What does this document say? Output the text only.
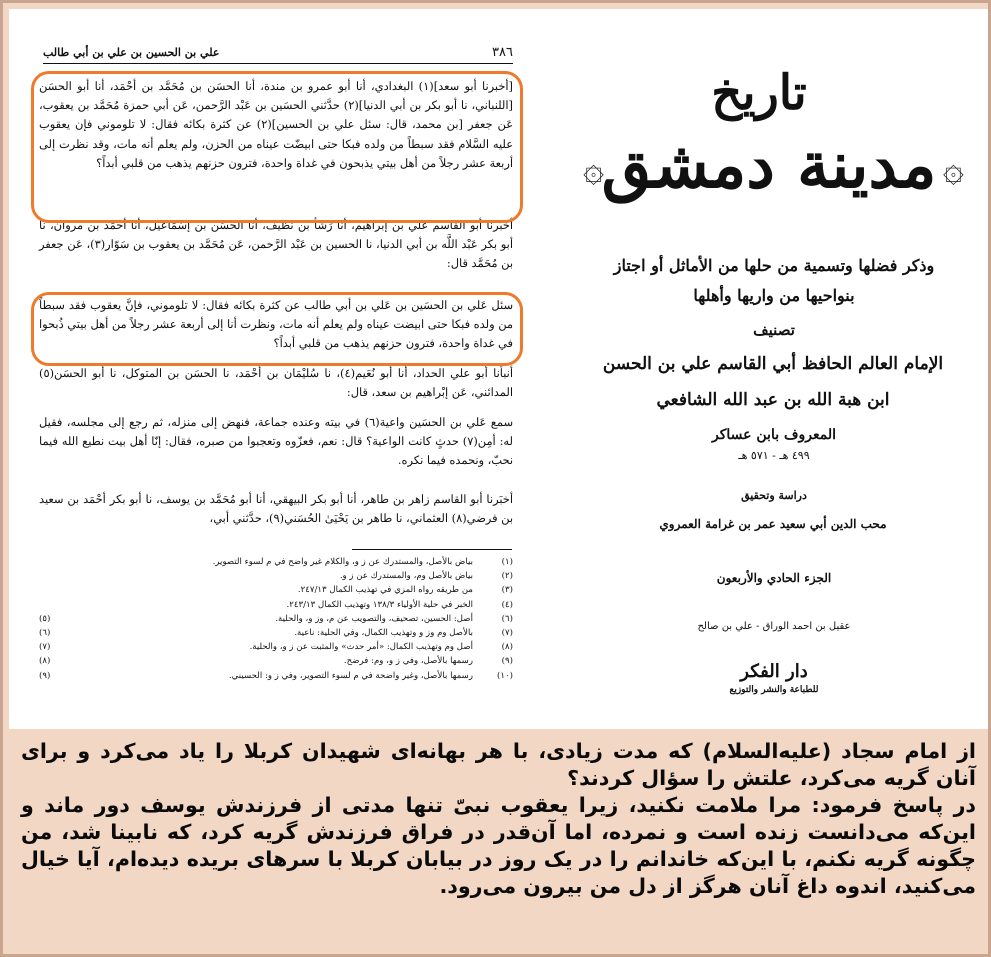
علي بن الحسين بن علي بن أبي طالب	٣٨٦
[أخبرنا أبو سعد](١) البغدادي، أنا أبو عمرو بن مندة، أنا الحسَن بن مُحَمَّد بن أحْمَد، أنا أبو الحسَن [اللنباني، نا أبو بكر بن أبي الدنيا](٢) حدَّثني الحسَين بن عَبْد الرَّحمن، عَن أبي حمزة مُحَمَّد بن يعقوب، عَن جعفر [بن محمد، قال: سئل علي بن الحسين](٢) عن كثرة بكائه فقال: لا تلوموني فإن يعقوب عليه السَّلام فقد سبطاً من ولده فبكا حتى ابيضّت عيناه من الحزن، ولم يعلم أنه مات، وقد نظرت إلى أربعة عشر رجلاً من أهل بيتي يذبحون في غداة واحدة، فترون حزنهم يذهب من قلبي أبداً؟
أخبَرنا أبو القاسم علي بن إبْراهيم، أنا رَشَأ بن نظيف، أنا الحسَن بن إسْمَاعيل، أنا أحْمَد بن مروان، نا أبو بكر عَبْد اللَّه بن أبي الدنيا، نا الحسين بن عَبْد الرَّحمن، عَن مُحَمَّد بن يعقوب بن سَوّار(٣)، عَن جعفر بن مُحَمَّد قال:
سئل عَلي بن الحسَين بن عَلي بن أبي طالب عن كثرة بكائه فقال: لا تلوموني، فإنَّ يعقوب فقد سبطاً من ولده فبكا حتى ابيضت عيناه ولم يعلم أنه مات، ونظرت أنا إلى أربعة عشر رجلاً من أهل بيتي ذُبحوا في غداة واحدة، فترون حزنهم يذهب من قلبي أبداً؟
أنبأنا أبو علي الحداد، أنا أبو نُعَيم(٤)، نا سُليْمَان بن أحْمَد، نا الحسَن بن المتوكل، نا أبو الحسَن(٥) المدائني، عَن إبْراهيم بن سعد، قال:
سمع عَلي بن الحسَين واعية(٦) في بيته وعنده جماعة، فنهض إلى منزله، ثم رجع إلى مجلسه، فقيل له: أمِن(٧) حدثٍ كانت الواعية؟ قال: نعم، فعزّوه وتعجبوا من صبره، فقال: إنّا أهل بيت نطيع الله فيما نحبّ، ونحمده فيما نكره.
أخبَرنا أبو القاسم زاهر بن طاهر، أنا أبو بكر البيهقي، أنا أبو مُحَمَّد بن يوسف، نا أبو بكر أحْمَد بن سعيد بن فرضي(٨) العثماني، نا طاهر بن يَحْيَىٰ الحُسَني(٩)، حدَّثني أبي،
(١)
بياض بالأصل، والمستدرك عن ‌ز ‌و، والكلام غير واضح في م لسوء التصوير.
(٢)
بياض بالأصل وم، والمستدرك عن ‌ز ‌و.
(٣)
من طريقه رواه المزي في تهذيب الكمال ٢٤٧/١٣.
(٤)
الخبر في حلية الأولياء ١٣٨/٣ وتهذيب الكمال ٢٤٣/١٣.
(٦)
أصل: الحسين، تصحيف، والتصويب عن م، و‌ز و، والحلية.
(٥)
(٧)
بالأصل وم و‌ز و وتهذيب الكمال، وفي الحلية: ناعية.
(٦)
(٨)
أصل وم وتهذيب الكمال: «أمر حدث» والمثبت عن ‌ز و، والحلية.
(٧)
(٩)
رسمها بالأصل، وفي ‌ز و، وم: فرضح.
(٨)
(١٠)
رسمها بالأصل، وغير واضحة في م لسوء التصوير، وفي ‌ز و: الحسيني.
(٩)
تاريخ
۞
مدينة دمشق
۞
وذكر فضلها وتسمية من حلها من الأماثل أو اجتاز
بنواحيها من واريها وأهلها
تصنيف
الإمام العالم الحافظ أبي القاسم علي بن الحسن
ابن هبة الله بن عبد الله الشافعي
المعروف بابن عساكر
٤٩٩ هـ - ٥٧١ هـ
دراسة وتحقيق
محب الدين أبي سعيد عمر بن غرامة العمروي
الجزء الحادي والأربعون
عقيل بن احمد الوراق - علي بن صالح
دار الفكر
للطباعة والنشر والتوزيع

از امام سجاد (علیه‌السلام) که مدت زیادی، با هر بهانه‌ای شهیدان کربلا را یاد می‌کرد و برای آنان گریه می‌کرد، علتش را سؤال کردند؟

در پاسخ فرمود: مرا ملامت نکنید، زیرا یعقوب نبیّ تنها مدتی از فرزندش یوسف دور ماند و این‌که می‌دانست زنده است و نمرده، اما آن‌قدر در فراق فرزندش گریه کرد، که نابینا شد، من چگونه گریه نکنم، با این‌که خاندانم را در یک روز در بیابان کربلا با سرهای بریده دیده‌ام، آیا خیال می‌کنید، اندوه داغ آنان هرگز از دل من بیرون می‌رود.
